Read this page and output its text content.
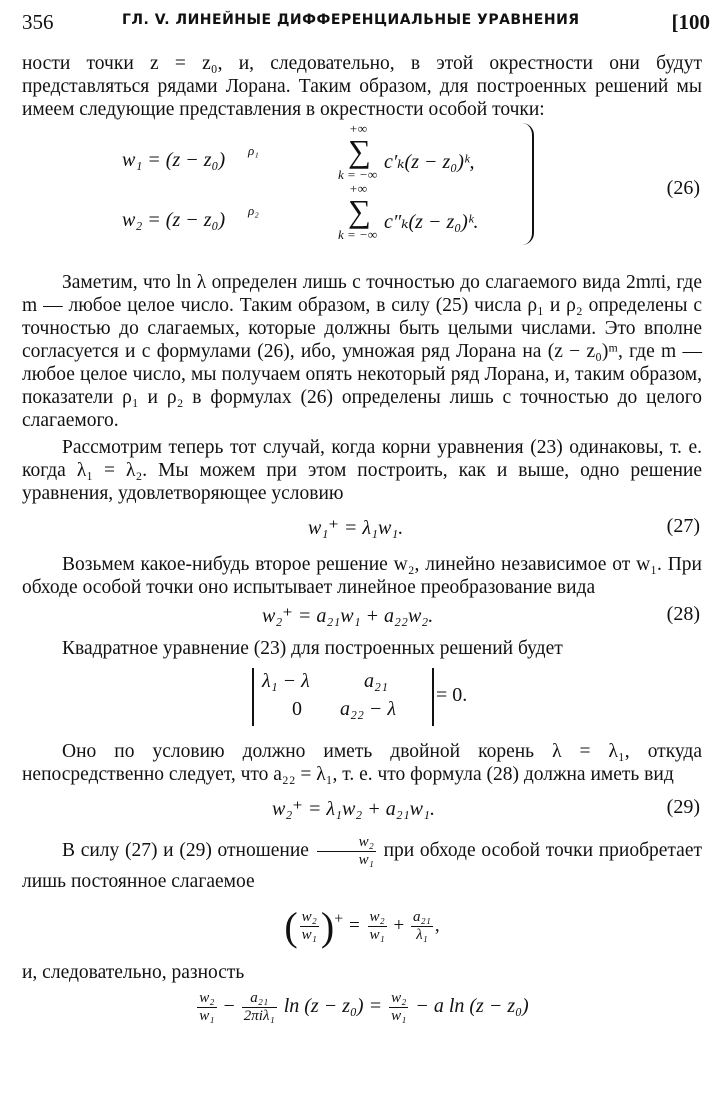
356	ГЛ. V. ЛИНЕЙНЫЕ ДИФФЕРЕНЦИАЛЬНЫЕ УРАВНЕНИЯ	[100

ности точки z = z₀, и, следовательно, в этой окрестности они будут представляться рядами Лорана. Таким образом, для построенных решений мы имеем следующие представления в окрестности особой точки:

w₁ = (z − z₀) ρ₁
+∞
∑
k = −∞
c′ₖ(z − z₀)ᵏ,
w₂ = (z − z₀) ρ₂
+∞
∑
k = −∞
c″ₖ(z − z₀)ᵏ.
(26)

Заметим, что ln λ определен лишь с точностью до слагаемого вида 2mπi, где m — любое целое число. Таким образом, в силу (25) числа ρ₁ и ρ₂ определены с точностью до слагаемых, которые должны быть целыми числами. Это вполне согласуется и с формулами (26), ибо, умножая ряд Лорана на (z − z₀)ᵐ, где m — любое целое число, мы получаем опять некоторый ряд Лорана, и, таким образом, показатели ρ₁ и ρ₂ в формулах (26) определены лишь с точностью до целого слагаемого.

Рассмотрим теперь тот случай, когда корни уравнения (23) одинаковы, т. е. когда λ₁ = λ₂. Мы можем при этом построить, как и выше, одно решение уравнения, удовлетворяющее условию

w₁⁺ = λ₁w₁.	(27)

Возьмем какое-нибудь второе решение w₂, линейно независимое от w₁. При обходе особой точки оно испытывает линейное преобразование вида

w₂⁺ = a₂₁w₁ + a₂₂w₂.	(28)

Квадратное уравнение (23) для построенных решений будет

λ₁ − λ	a₂₁
0 a₂₂ − λ
= 0.

Оно по условию должно иметь двойной корень λ = λ₁, откуда непосредственно следует, что a₂₂ = λ₁, т. е. что формула (28) должна иметь вид

w₂⁺ = λ₁w₂ + a₂₁w₁.	(29)

В силу (27) и (29) отношение $\frac{\text{w₂}}{\text{w₁}}$ при обходе особой точки приобретает лишь постоянное слагаемое

( $\frac{\text{w₂}}{\text{w₁}} )^+ = \frac{\text{w₂}}{\text{w₁}} + \frac{\text{a₂₁}}{\text{λ₁}}$ ,

и, следовательно, разность

$\frac{\text{w₂}}{\text{w₁}} - \frac{\text{a₂₁}}{\text{2πiλ₁}}$ $\ln (z - z_0) = \frac{\text{w₂}}{\text{w₁}} - a$ ln (z − z₀)
